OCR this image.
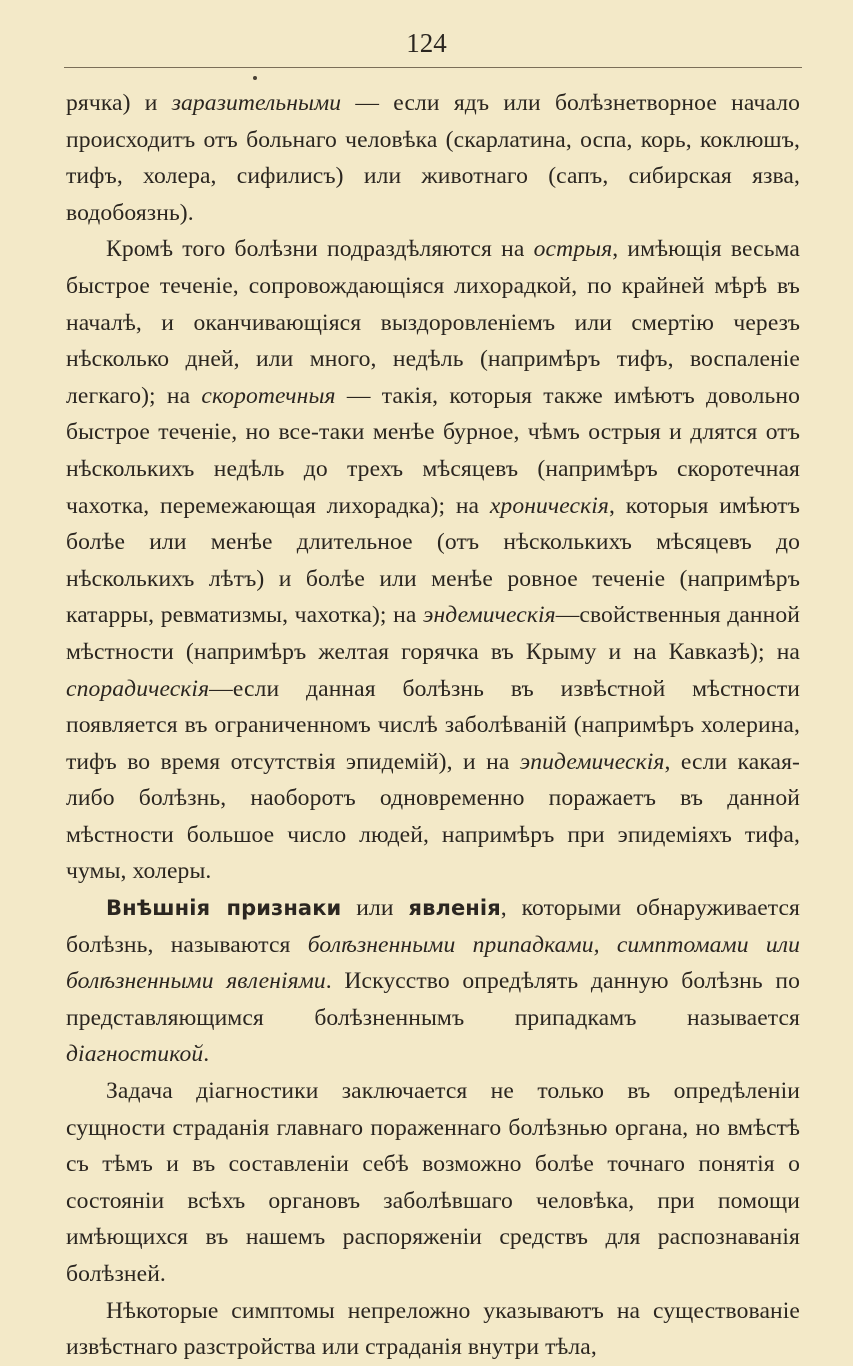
124

рячка) и заразительными — если ядъ или болѣзнетворное начало происходитъ отъ больнаго человѣка (скарлатина, оспа, корь, коклюшъ, тифъ, холера, сифилисъ) или животнаго (сапъ, сибирская язва, водобоязнь).

Кромѣ того болѣзни подраздѣляются на острыя, имѣющія весьма быстрое теченіе, сопровождающіяся лихорадкой, по крайней мѣрѣ въ началѣ, и оканчивающіяся выздоровленіемъ или смертію черезъ нѣсколько дней, или много, недѣль (напримѣръ тифъ, воспаленіе легкаго); на скоротечныя — такія, которыя также имѣютъ довольно быстрое теченіе, но все-таки менѣе бурное, чѣмъ острыя и длятся отъ нѣсколькихъ недѣль до трехъ мѣсяцевъ (напримѣръ скоротечная чахотка, перемежающая лихорадка); на хроническія, которыя имѣютъ болѣе или менѣе длительное (отъ нѣсколькихъ мѣсяцевъ до нѣсколькихъ лѣтъ) и болѣе или менѣе ровное теченіе (напримѣръ катарры, ревматизмы, чахотка); на эндемическія—свойственныя данной мѣстности (напримѣръ желтая горячка въ Крыму и на Кавказѣ); на спорадическія—если данная болѣзнь въ извѣстной мѣстности появляется въ ограниченномъ числѣ заболѣваній (напримѣръ холерина, тифъ во время отсутствія эпидемій), и на эпидемическія, если какая-либо болѣзнь, наоборотъ одновременно поражаетъ въ данной мѣстности большое число людей, напримѣръ при эпидеміяхъ тифа, чумы, холеры.

Внѣшнія признаки или явленія, которыми обнаруживается болѣзнь, называются болѣзненными припадками, симптомами или болѣзненными явленіями. Искусство опредѣлять данную болѣзнь по представляющимся болѣзненнымъ припадкамъ называется діагностикой.

Задача діагностики заключается не только въ опредѣленіи сущности страданія главнаго пораженнаго болѣзнью органа, но вмѣстѣ съ тѣмъ и въ составленіи себѣ возможно болѣе точнаго понятія о состояніи всѣхъ органовъ заболѣвшаго человѣка, при помощи имѣющихся въ нашемъ распоряженіи средствъ для распознаванія болѣзней.

Нѣкоторые симптомы непреложно указываютъ на существованіе извѣстнаго разстройства или страданія внутри тѣла,
